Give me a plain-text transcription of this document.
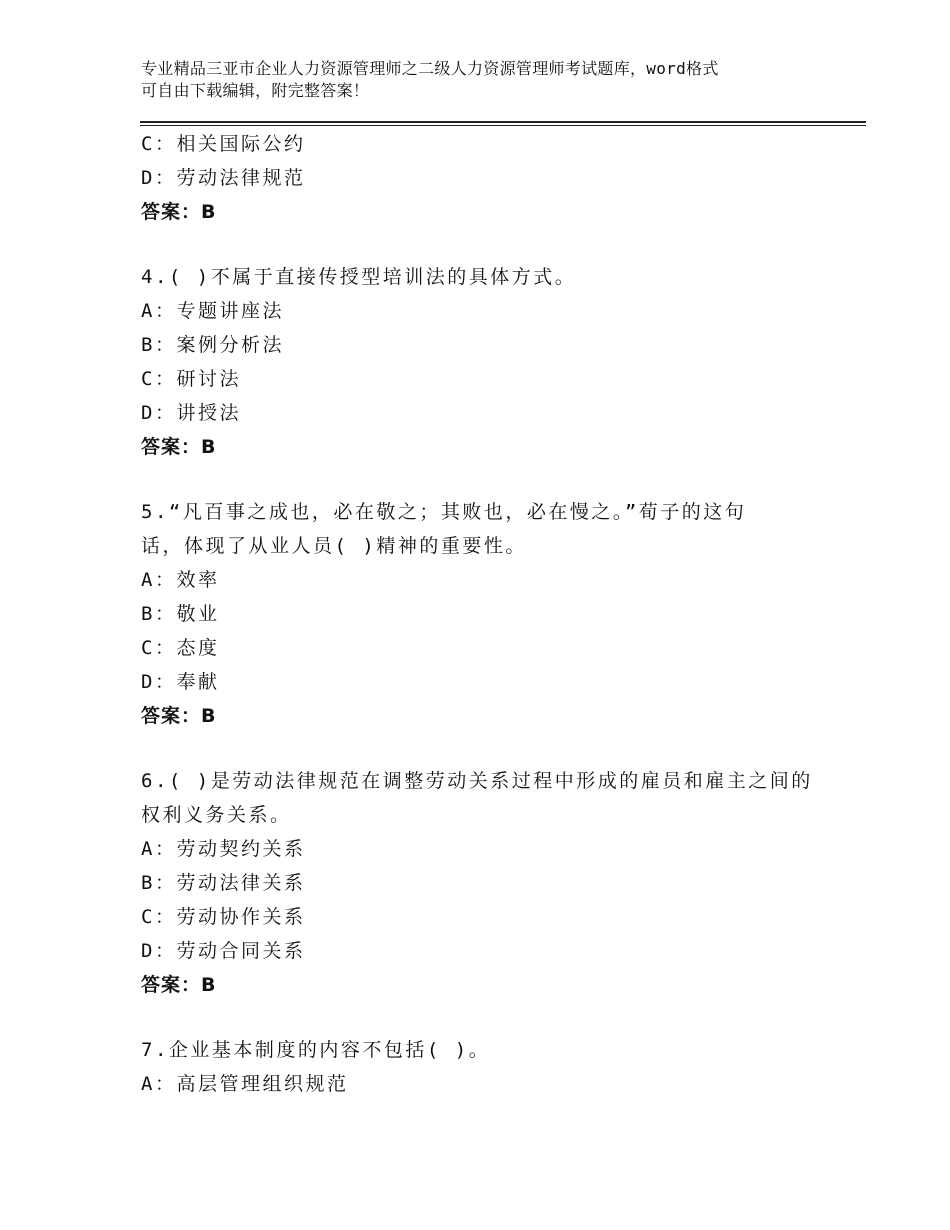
专业精品三亚市企业人力资源管理师之二级人力资源管理师考试题库，word格式
可自由下载编辑，附完整答案！
C：相关国际公约
D：劳动法律规范
答案：B
4.( )不属于直接传授型培训法的具体方式。
A：专题讲座法
B：案例分析法
C：研讨法
D：讲授法
答案：B
5.“凡百事之成也，必在敬之；其败也，必在慢之。”荀子的这句
话，体现了从业人员( )精神的重要性。
A：效率
B：敬业
C：态度
D：奉献
答案：B
6.( )是劳动法律规范在调整劳动关系过程中形成的雇员和雇主之间的
权利义务关系。
A：劳动契约关系
B：劳动法律关系
C：劳动协作关系
D：劳动合同关系
答案：B
7.企业基本制度的内容不包括( )。
A：高层管理组织规范
